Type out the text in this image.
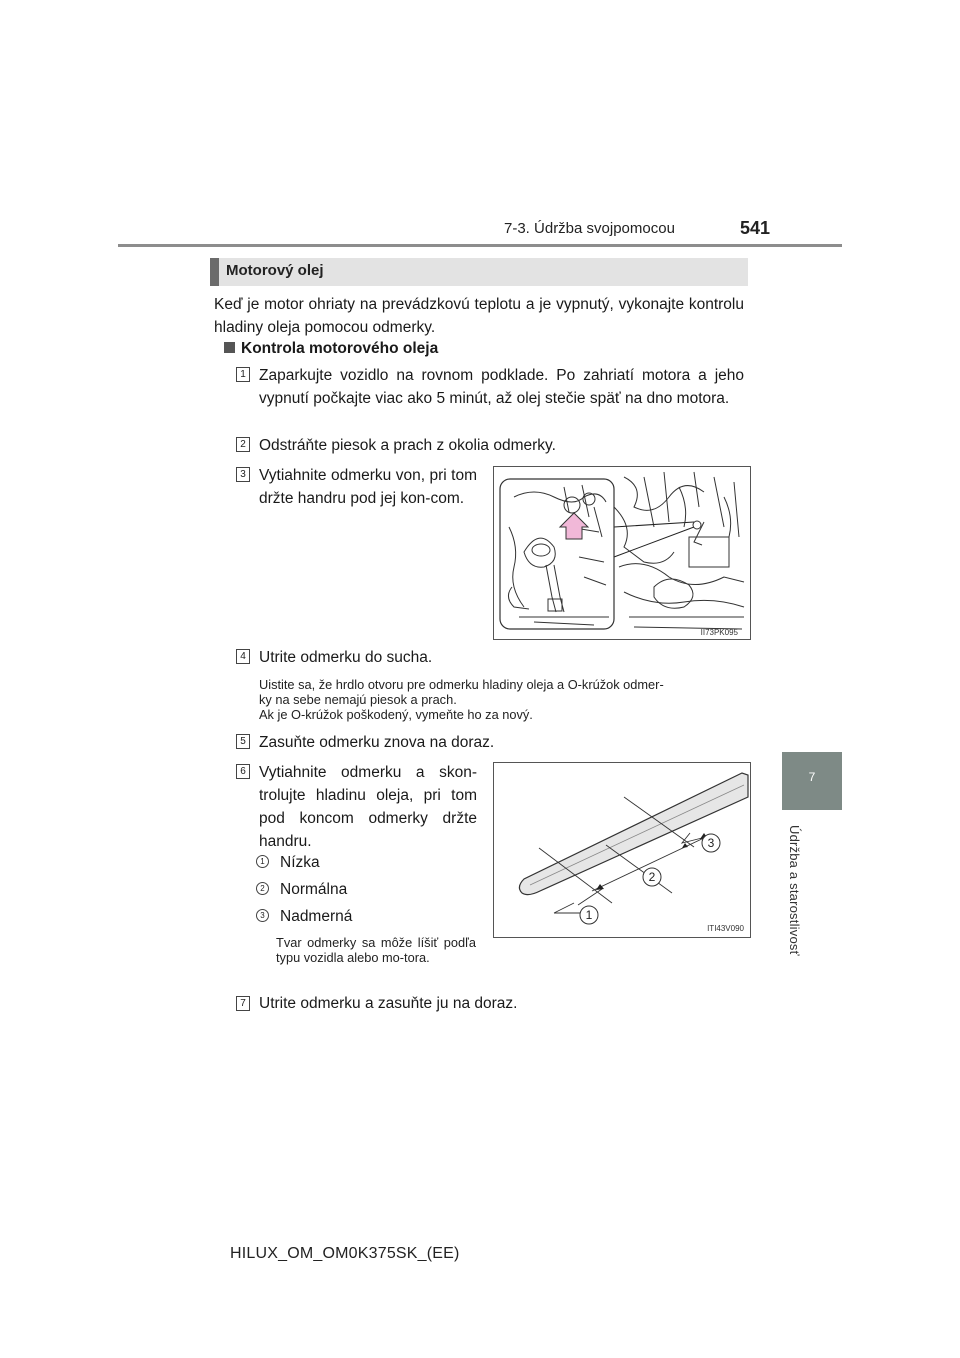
7-3. Údržba svojpomocou	541
7
Údržba a starostlivosť
Motorový olej
Keď je motor ohriaty na prevádzkovú teplotu a je vypnutý, vykonajte kontrolu hladiny oleja pomocou odmerky.
Kontrola motorového oleja
1 Zaparkujte vozidlo na rovnom podklade. Po zahriatí motora a jeho vypnutí počkajte viac ako 5 minút, až olej stečie späť na dno motora.
2 Odstráňte piesok a prach z okolia odmerky.
3 Vytiahnite odmerku von, pri tom držte handru pod jej kon-com.
II73PK095
4 Utrite odmerku do sucha.
Uistite sa, že hrdlo otvoru pre odmerku hladiny oleja a O-krúžok odmer-
ky na sebe nemajú piesok a prach.
Ak je O-krúžok poškodený, vymeňte ho za nový.
5 Zasuňte odmerku znova na doraz.
6 Vytiahnite odmerku a skon-trolujte hladinu oleja, pri tom pod koncom odmerky držte handru.
1 Nízka
2 Normálna
3 Nadmerná
Tvar odmerky sa môže líšiť podľa typu vozidla alebo mo-tora.
1
2
3
ITI43V090
7 Utrite odmerku a zasuňte ju na doraz.
HILUX_OM_OM0K375SK_(EE)
